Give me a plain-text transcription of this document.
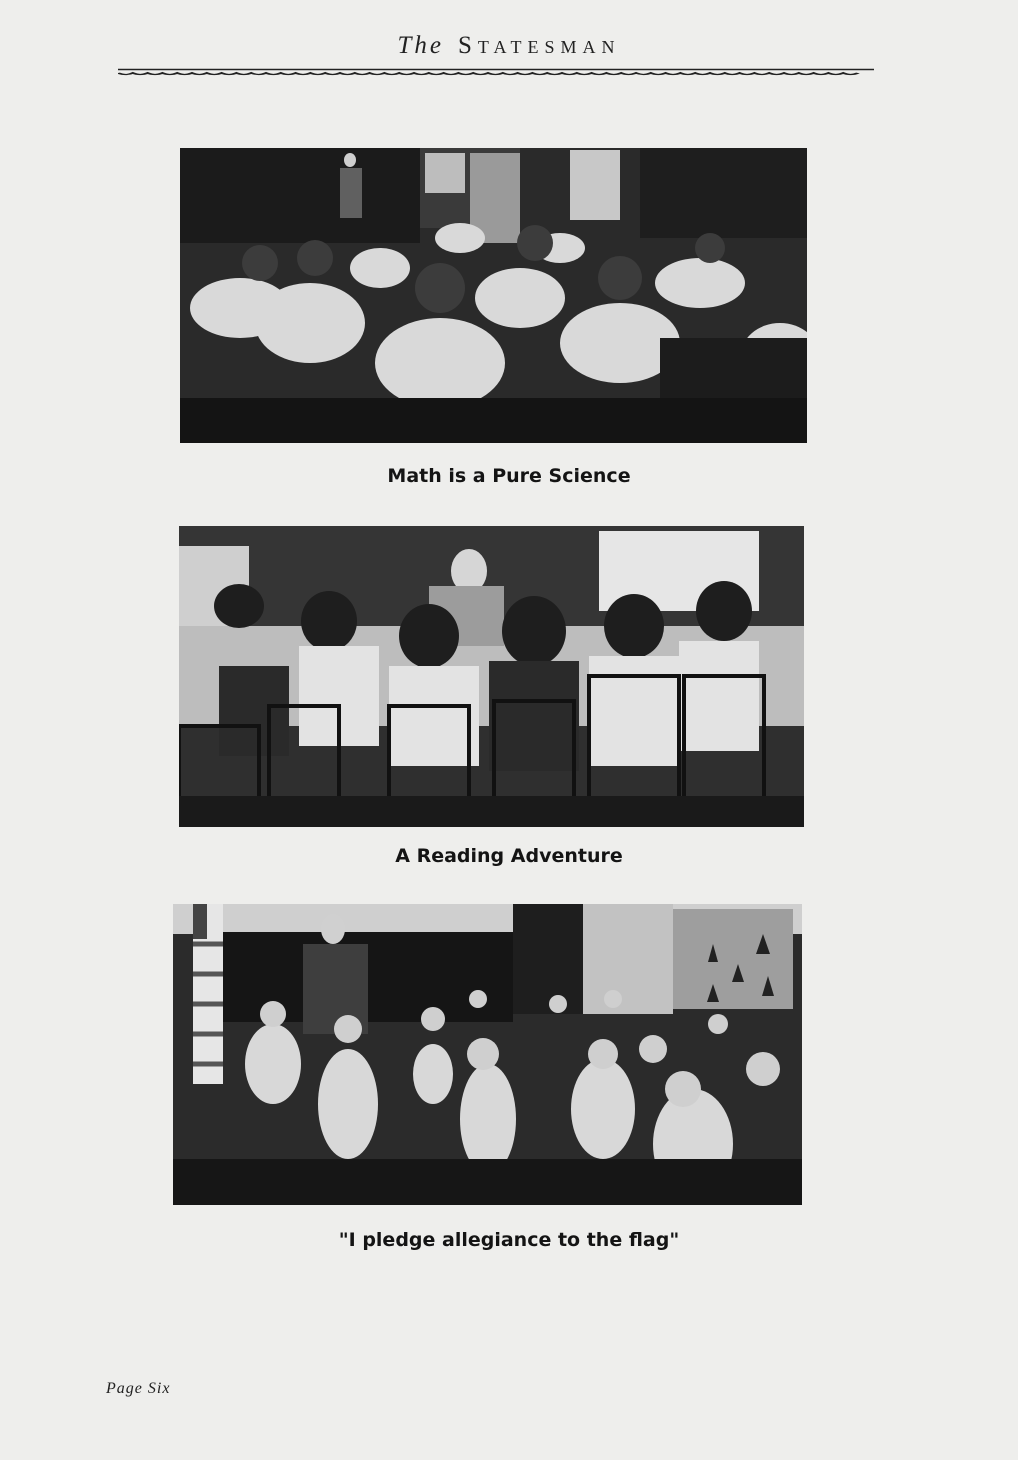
The Statesman
Math is a Pure Science
A Reading Adventure
"I pledge allegiance to the flag"
Page Six
